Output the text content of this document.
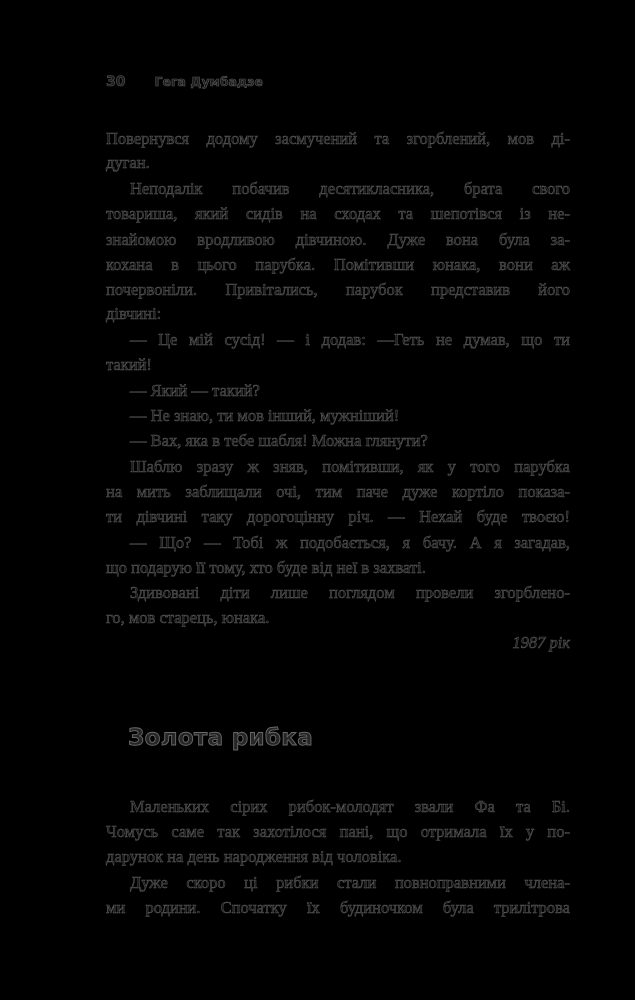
30 Гега Думбадзе
Повернувся додому засмучений та згорблений, мов ді-
дуган.
Неподалік побачив десятикласника, брата свого
товариша, який сидів на сходах та шепотівся із не-
знайомою вродливою дівчиною. Дуже вона була за-
кохана в цього парубка. Помітивши юнака, вони аж
почервоніли. Привітались, парубок представив його
дівчині:
— Це мій сусід! — і додав: —Геть не думав, що ти
такий!
— Який — такий?
— Не знаю, ти мов інший, мужніший!
— Вах, яка в тебе шабля! Можна глянути?
Шаблю зразу ж зняв, помітивши, як у того парубка
на мить заблищали очі, тим паче дуже кортіло показа-
ти дівчині таку дорогоцінну річ. — Нехай буде твоєю!
— Що? — Тобі ж подобається, я бачу. А я загадав,
що подарую її тому, хто буде від неї в захваті.
Здивовані діти лише поглядом провели згорбленo-
го, мов старець, юнака.
1987 рік
Золота рибка
Маленьких сірих рибок-молодят звали Фа та Бі.
Чомусь саме так захотілося пані, що отримала їх у по-
дарунок на день народження від чоловіка.
Дуже скоро ці рибки стали повноправними члена-
ми родини. Спочатку їх будиночком була трилітрова
